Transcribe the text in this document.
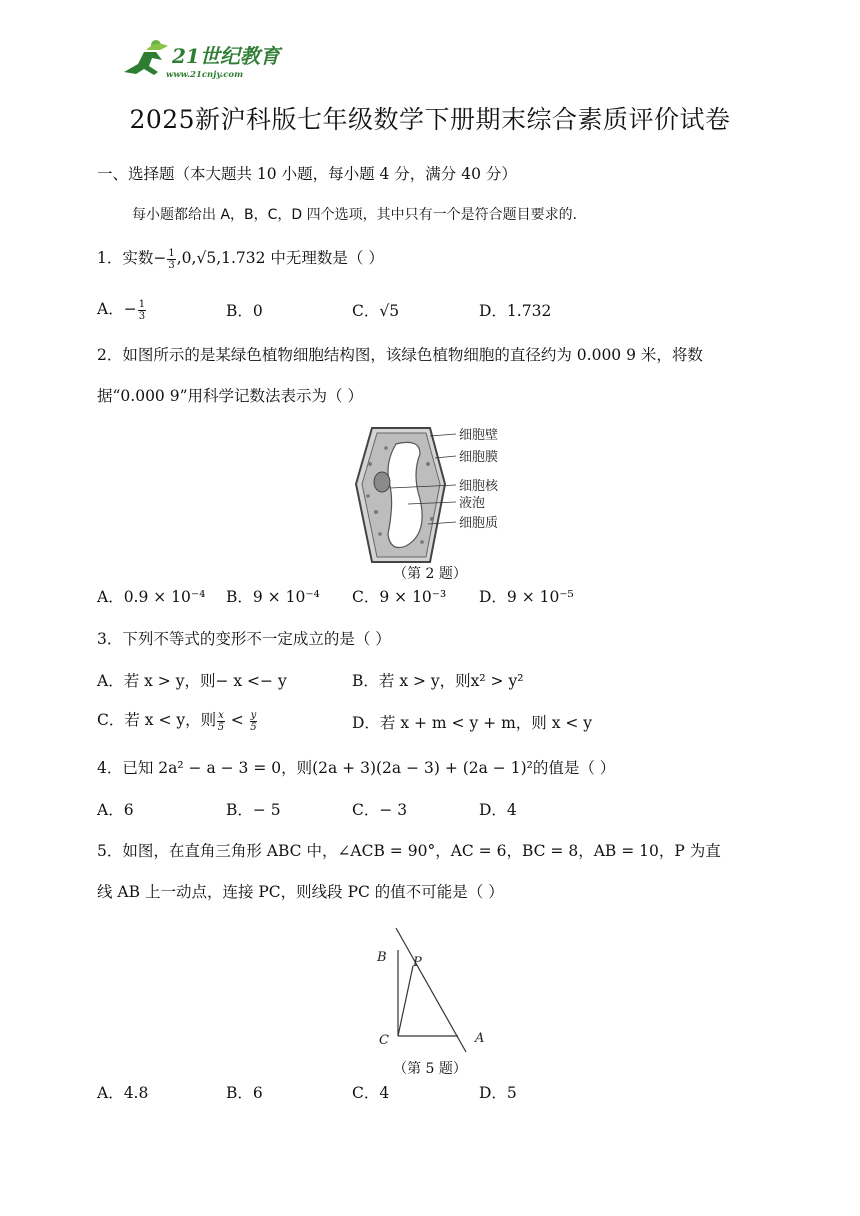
21世纪教育
www.21cnjy.com
2025新沪科版七年级数学下册期末综合素质评价试卷
一、选择题（本大题共 10 小题，每小题 4 分，满分 40 分）
每小题都给出 A，B，C，D 四个选项，其中只有一个是符合题目要求的.
1．实数− $\frac{1}{3} ,0,√5,1.732$ 中无理数是（ ）
A．− $\frac{1}{3}$	B．0	C．√5	D．1.732
2．如图所示的是某绿色植物细胞结构图，该绿色植物细胞的直径约为 0.000 9 米，将数
据“0.000 9”用科学记数法表示为（ ）
细胞壁
细胞膜
细胞核
液泡
细胞质
（第 2 题）
A．0.9 × 10⁻⁴ B．9 × 10⁻⁴ C．9 × 10⁻³ D．9 × 10⁻⁵
3．下列不等式的变形不一定成立的是（ ）
A．若 x > y，则− x <− y	B．若 x > y，则x² > y²
C．若 x < y，则 $\frac{x}{5} < \frac{y}{5}$	D．若 x + m < y + m，则 x < y
4．已知 2a² − a − 3 = 0，则(2a + 3)(2a − 3) + (2a − 1)²的值是（ ）
A．6	B．− 5	C．− 3	D．4
5．如图，在直角三角形 ABC 中，∠ACB = 90°，AC = 6，BC = 8，AB = 10，P 为直
线 AB 上一动点，连接 PC，则线段 PC 的值不可能是（ ）
B P
C	A
（第 5 题）
A．4.8	B．6	C．4	D．5
